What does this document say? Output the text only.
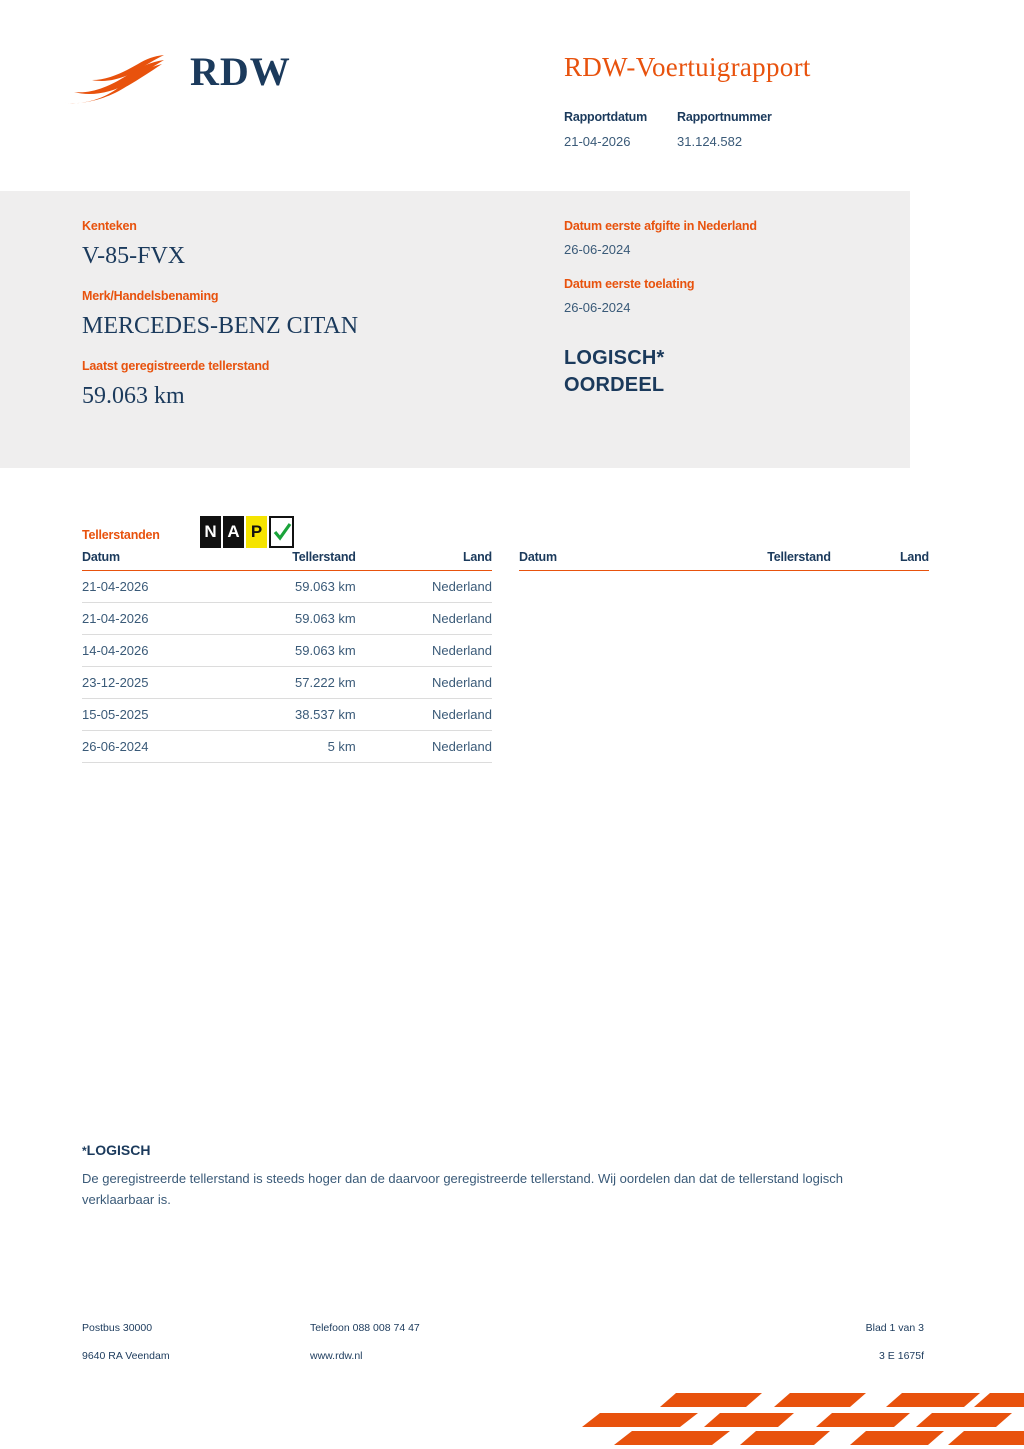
RDW	RDW-Voertuigrapport
Rapportdatum
21-04-2026
Rapportnummer
31.124.582
Kenteken
V-85-FVX
Merk/Handelsbenaming
MERCEDES-BENZ CITAN
Laatst geregistreerde tellerstand
59.063 km
Datum eerste afgifte in Nederland
26-06-2024
Datum eerste toelating
26-06-2024
LOGISCH*
OORDEEL
N A P
Tellerstanden
Datum	Tellerstand	Land
21-04-2026	59.063 km	Nederland
21-04-2026	59.063 km	Nederland
14-04-2026	59.063 km	Nederland
23-12-2025	57.222 km	Nederland
15-05-2025	38.537 km	Nederland
26-06-2024	5 km	Nederland
Datum	Tellerstand	Land

*LOGISCH
De geregistreerde tellerstand is steeds hoger dan de daarvoor geregistreerde tellerstand. Wij oordelen dan dat de tellerstand logisch verklaarbaar is.
Postbus 30000	Telefoon 088 008 74 47	Blad 1 van 3
9640 RA Veendam	www.rdw.nl	3 E 1675f
